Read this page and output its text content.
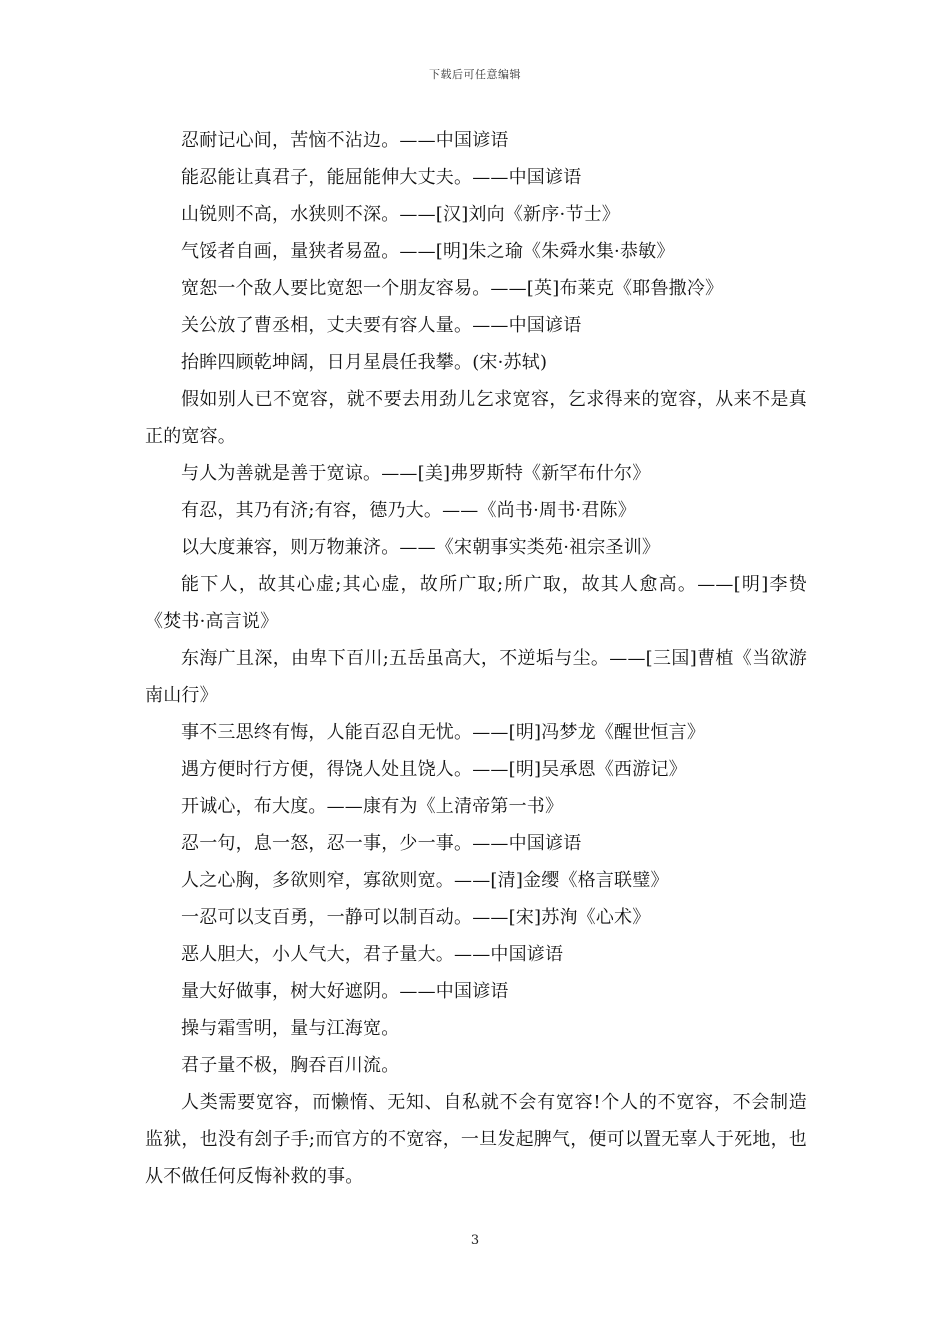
下载后可任意编辑

忍耐记心间，苦恼不沾边。——中国谚语

能忍能让真君子，能屈能伸大丈夫。——中国谚语

山锐则不高，水狭则不深。——[汉]刘向《新序·节士》

气馁者自画，量狭者易盈。——[明]朱之瑜《朱舜水集·恭敏》

宽恕一个敌人要比宽恕一个朋友容易。——[英]布莱克《耶鲁撒冷》

关公放了曹丞相，丈夫要有容人量。——中国谚语

抬眸四顾乾坤阔，日月星晨任我攀。(宋·苏轼)

假如别人已不宽容，就不要去用劲儿乞求宽容，乞求得来的宽容，从来不是真正的宽容。

与人为善就是善于宽谅。——[美]弗罗斯特《新罕布什尔》

有忍，其乃有济;有容，德乃大。——《尚书·周书·君陈》

以大度兼容，则万物兼济。——《宋朝事实类苑·祖宗圣训》

能下人，故其心虚;其心虚，故所广取;所广取，故其人愈高。——[明]李贽《焚书·高言说》

东海广且深，由卑下百川;五岳虽高大，不逆垢与尘。——[三国]曹植《当欲游南山行》

事不三思终有悔，人能百忍自无忧。——[明]冯梦龙《醒世恒言》

遇方便时行方便，得饶人处且饶人。——[明]吴承恩《西游记》

开诚心，布大度。——康有为《上清帝第一书》

忍一句，息一怒，忍一事，少一事。——中国谚语

人之心胸，多欲则窄，寡欲则宽。——[清]金缨《格言联璧》

一忍可以支百勇，一静可以制百动。——[宋]苏洵《心术》

恶人胆大，小人气大，君子量大。——中国谚语

量大好做事，树大好遮阴。——中国谚语

操与霜雪明，量与江海宽。

君子量不极，胸吞百川流。

人类需要宽容，而懒惰、无知、自私就不会有宽容!个人的不宽容，不会制造监狱，也没有刽子手;而官方的不宽容，一旦发起脾气，便可以置无辜人于死地，也从不做任何反悔补救的事。

3
